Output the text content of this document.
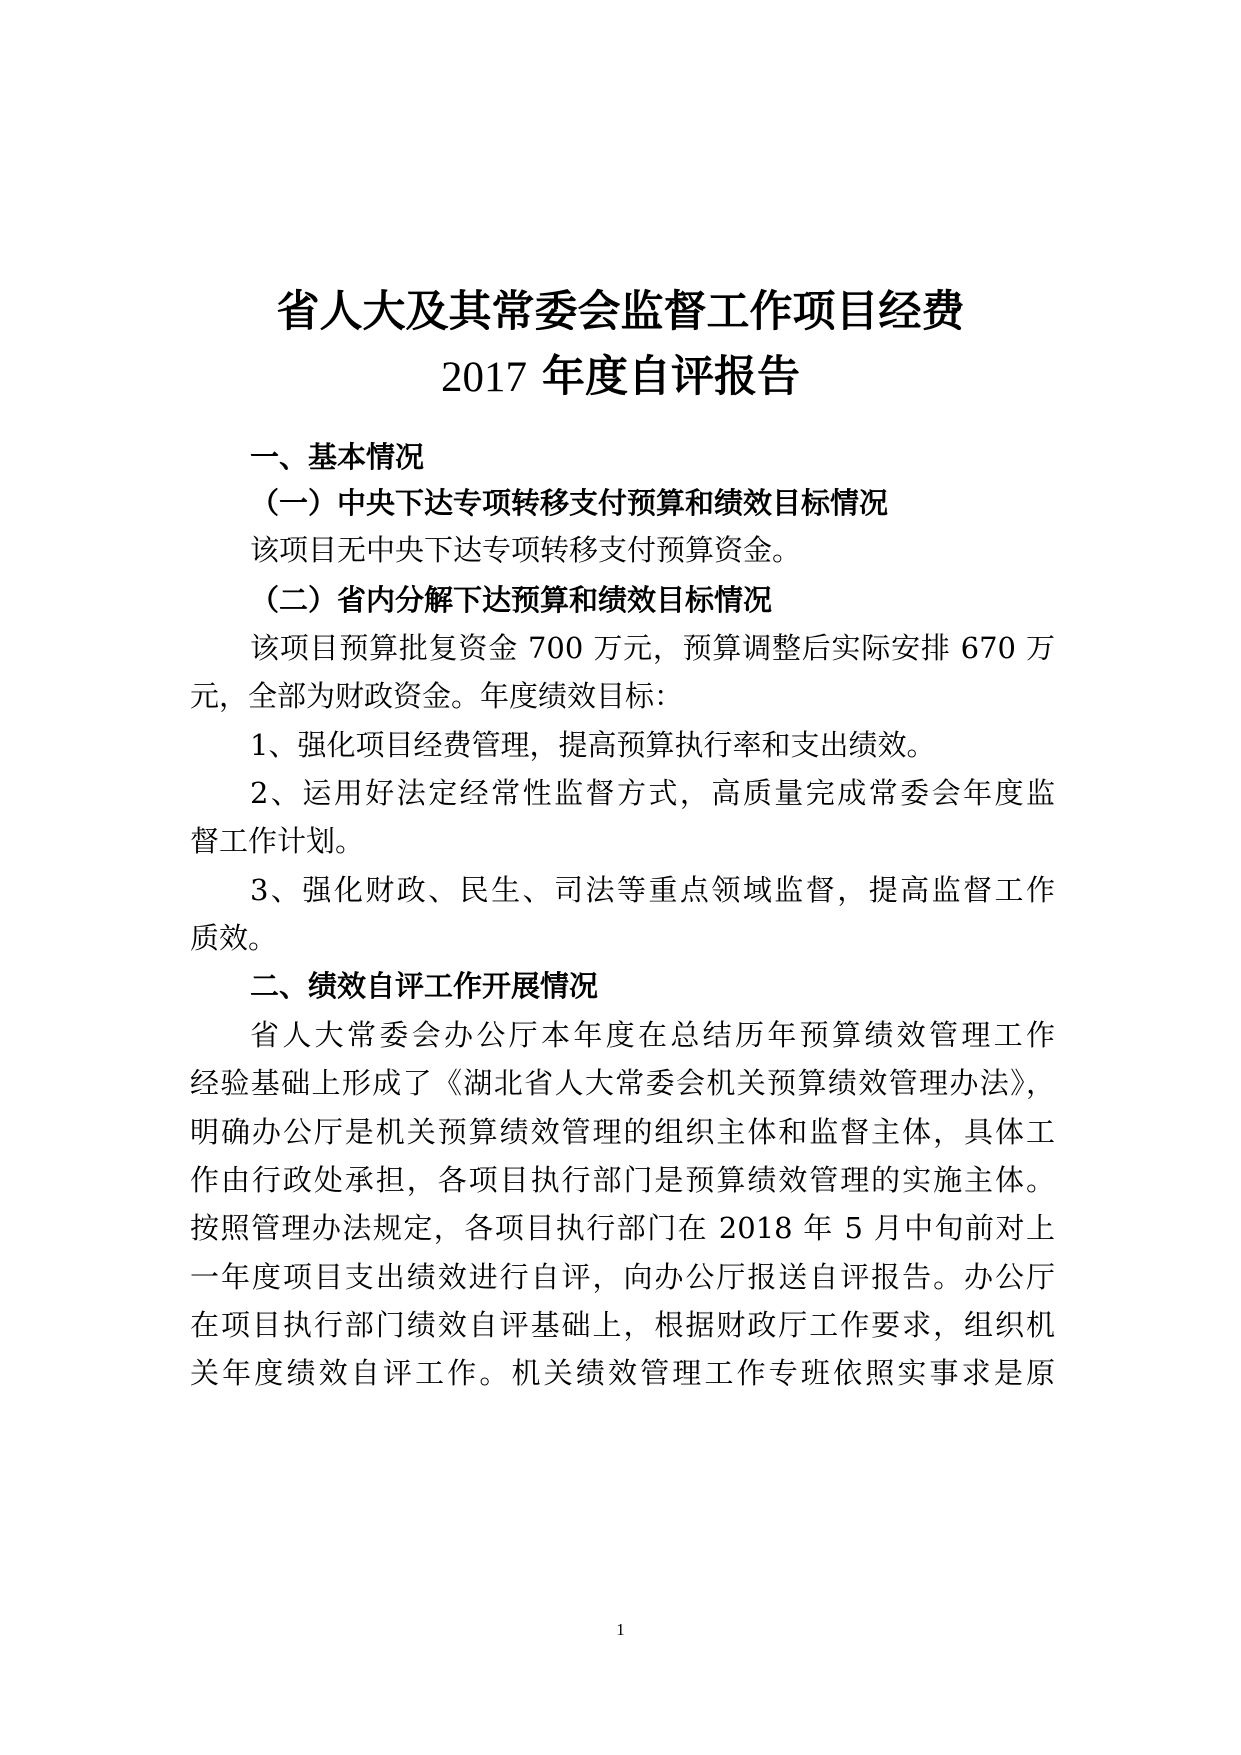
省人大及其常委会监督工作项目经费
2017 年度自评报告
一、基本情况
（一）中央下达专项转移支付预算和绩效目标情况
该项目无中央下达专项转移支付预算资金。
（二）省内分解下达预算和绩效目标情况
该项目预算批复资金 700 万元，预算调整后实际安排 670 万
元，全部为财政资金。年度绩效目标：
1、强化项目经费管理，提高预算执行率和支出绩效。
2、运用好法定经常性监督方式，高质量完成常委会年度监
督工作计划。
3、强化财政、民生、司法等重点领域监督，提高监督工作
质效。
二、绩效自评工作开展情况
省人大常委会办公厅本年度在总结历年预算绩效管理工作
经验基础上形成了《湖北省人大常委会机关预算绩效管理办法》，
明确办公厅是机关预算绩效管理的组织主体和监督主体，具体工
作由行政处承担，各项目执行部门是预算绩效管理的实施主体。
按照管理办法规定，各项目执行部门在 2018 年 5 月中旬前对上
一年度项目支出绩效进行自评，向办公厅报送自评报告。办公厅
在项目执行部门绩效自评基础上，根据财政厅工作要求，组织机
关年度绩效自评工作。机关绩效管理工作专班依照实事求是原
1
